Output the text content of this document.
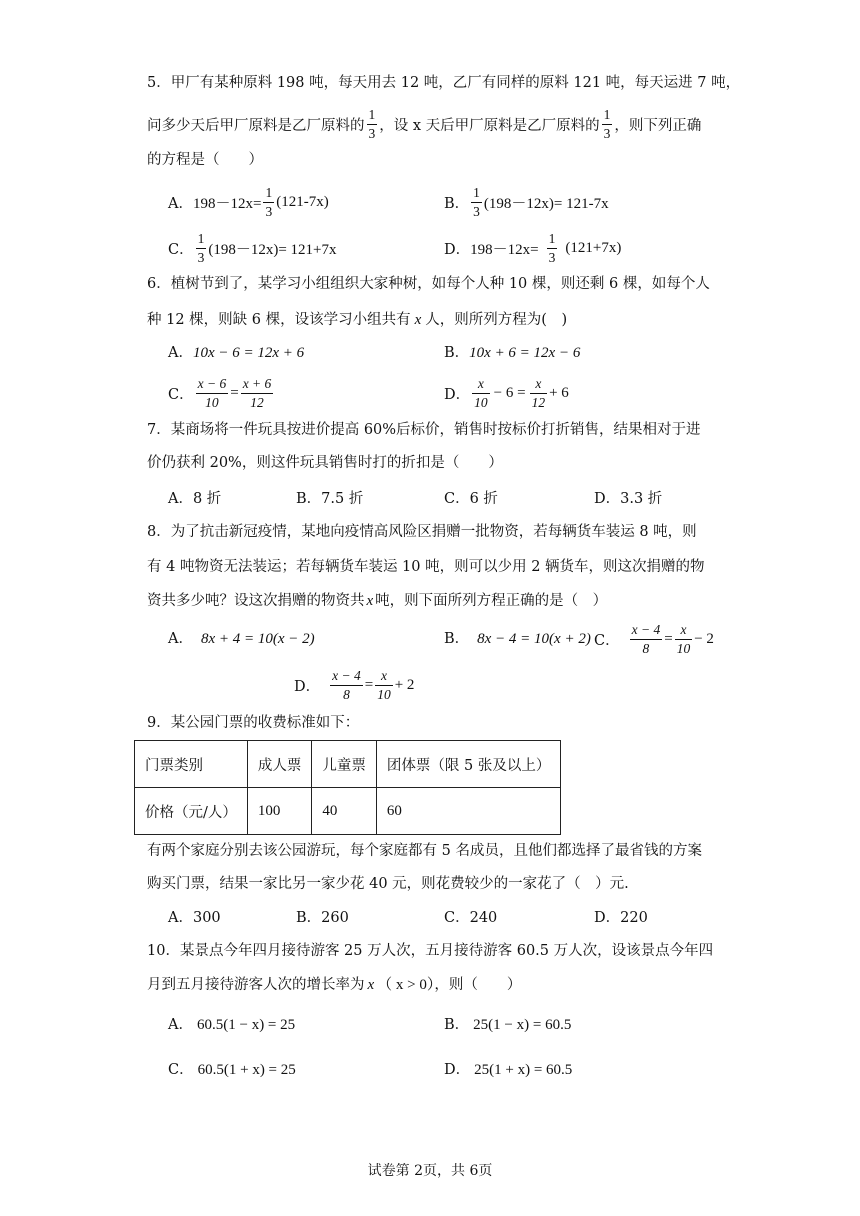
5．甲厂有某种原料 198 吨，每天用去 12 吨，乙厂有同样的原料 121 吨，每天运进 7 吨，
问多少天后甲厂原料是乙厂原料的 $\frac{1}{3}$ ，设 x 天后甲厂原料是乙厂原料的 $\frac{1}{3}$ ，则下列正确
的方程是（　　）
A． $198-12x= \frac{1}{3} (121-7x)$	B． $\frac{1}{3} (198-12x)= 121-7x$
C． $\frac{1}{3} (198-12x)= 121+7x$	D． $198-12x= \frac{1}{3} (121+7x)$
6．植树节到了，某学习小组组织大家种树，如每个人种 10 棵，则还剩 6 棵，如每个人
种 12 棵，则缺 6 棵，设该学习小组共有 x 人，则所列方程为(　)
A．10x − 6 = 12x + 6	B．10x + 6 = 12x − 6
C． $\frac{x - 6}{10} = \frac{x + 6}{12}$	D． $\frac{x}{10} - 6 = \frac{x}{12} + 6$
7．某商场将一件玩具按进价提高 60%后标价，销售时按标价打折销售，结果相对于进
价仍获利 20%，则这件玩具销售时打的折扣是（　　）
A．8 折	B．7.5 折	C．6 折	D．3.3 折
8．为了抗击新冠疫情，某地向疫情高风险区捐赠一批物资，若每辆货车装运 8 吨，则
有 4 吨物资无法装运；若每辆货车装运 10 吨，则可以少用 2 辆货车，则这次捐赠的物
资共多少吨？设这次捐赠的物资共 x 吨，则下面所列方程正确的是（　）
A． 8x + 4 = 10(x − 2)	B． 8x − 4 = 10(x + 2) C． $\frac{x - 4}{8} = \frac{x}{10} - 2$
D． $\frac{x - 4}{8} = \frac{x}{10} + 2$
9．某公园门票的收费标准如下：
门票类别	成人票	儿童票	团体票（限 5 张及以上）
价格（元/人）	100	40	60
有两个家庭分别去该公园游玩，每个家庭都有 5 名成员，且他们都选择了最省钱的方案
购买门票，结果一家比另一家少花 40 元，则花费较少的一家花了（　）元.
A．300	B．260	C．240	D．220
10．某景点今年四月接待游客 25 万人次，五月接待游客 60.5 万人次，设该景点今年四
月到五月接待游客人次的增长率为 x （ x > 0），则（　　）
A． 60.5(1 − x) = 25	B． 25(1 − x) = 60.5
C． 60.5(1 + x) = 25	D． 25(1 + x) = 60.5
试卷第 2页，共 6页
